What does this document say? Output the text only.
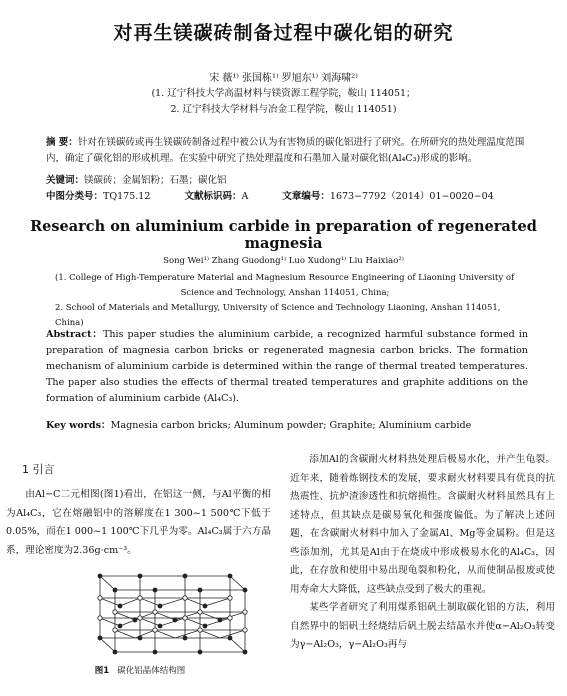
对再生镁碳砖制备过程中碳化铝的研究
宋 薇¹⁾ 张国栋¹⁾ 罗旭东¹⁾ 刘海啸²⁾
(1. 辽宁科技大学高温材料与镁资源工程学院，鞍山 114051；
2. 辽宁科技大学材料与冶金工程学院，鞍山 114051)
摘 要：针对在镁碳砖或再生镁碳砖制备过程中被公认为有害物质的碳化铝进行了研究。在所研究的热处理温度范围内，确定了碳化铝的形成机理。在实验中研究了热处理温度和石墨加入量对碳化铝(Al₄C₃)形成的影响。
关键词：镁碳砖；金属铝粉；石墨；碳化铝
中图分类号：TQ175.12	文献标识码：A	文章编号：1673−7792（2014）01−0020−04
Research on aluminium carbide in preparation of regenerated magnesia
Song Wei¹⁾ Zhang Guodong¹⁾ Luo Xudong¹⁾ Liu Haixiao²⁾
(1. College of High-Temperature Material and Magnesium Resource Engineering of Liaoning University of
Science and Technology, Anshan 114051, China;
2. School of Materials and Metallurgy, University of Science and Technology Liaoning, Anshan 114051, China)
Abstract：This paper studies the aluminium carbide, a recognized harmful substance formed in preparation of magnesia carbon bricks or regenerated magnesia carbon bricks. The formation mechanism of aluminium carbide is determined within the range of thermal treated temperatures. The paper also studies the effects of thermal treated temperatures and graphite additions on the formation of aluminium carbide (Al₄C₃).
Key words：Magnesia carbon bricks; Aluminum powder; Graphite; Aluminium carbide
1 引言
由Al−C二元相图(图1)看出，在铝这一侧，与Al平衡的相为Al₄C₃，它在熔融铝中的溶解度在1 300~1 500℃下低于0.05%，而在1 000~1 100℃下几乎为零。Al₄C₃属于六方晶系，理论密度为2.36g·cm⁻³。

添加Al的含碳耐火材料热处理后极易水化，并产生龟裂。近年来，随着炼钢技术的发展，要求耐火材料要具有优良的抗热震性、抗炉渣渗透性和抗熔损性。含碳耐火材料虽然具有上述特点，但其缺点是碳易氧化和强度偏低。为了解决上述问题，在含碳耐火材料中加入了金属Al、Mg等金属粉。但是这些添加剂，尤其是Al由于在烧成中形成极易水化的Al₄C₃，因此，在存放和使用中易出现龟裂和粉化，从而使制品报废或使用寿命大大降低，这些缺点受到了极大的重视。

某些学者研究了利用煤系铝矾土制取碳化铝的方法，利用自然界中的铝矾土经烧结后矾土脱去结晶水并使α−Al₂O₃转变为γ−Al₂O₃，γ−Al₂O₃再与

图1 碳化铝晶体结构图
